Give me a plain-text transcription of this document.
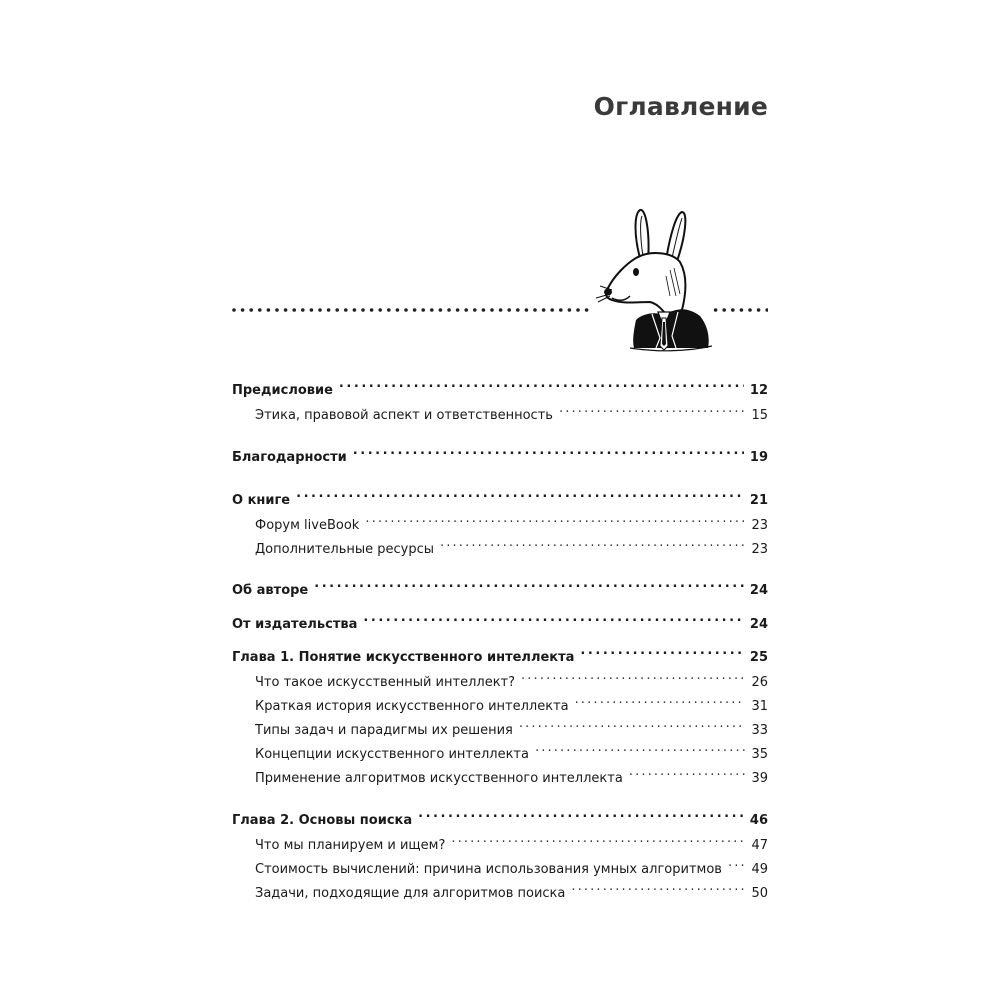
Оглавление
Предисловие . . .	12
Этика, правовой аспект и ответственность . . .	15
Благодарности . . .	19
О книге . . .	21
Форум liveBook . . .	23
Дополнительные ресурсы . . .	23
Об авторе . . .	24
От издательства . . .	24
Глава 1. Понятие искусственного интеллекта . . .	25
Что такое искусственный интеллект? . . .	26
Краткая история искусственного интеллекта . . .	31
Типы задач и парадигмы их решения . . .	33
Концепции искусственного интеллекта . . .	35
Применение алгоритмов искусственного интеллекта . . .	39
Глава 2. Основы поиска . . .	46
Что мы планируем и ищем? . . .	47
Стоимость вычислений: причина использования умных алгоритмов . . . 49
Задачи, подходящие для алгоритмов поиска . . .	50
